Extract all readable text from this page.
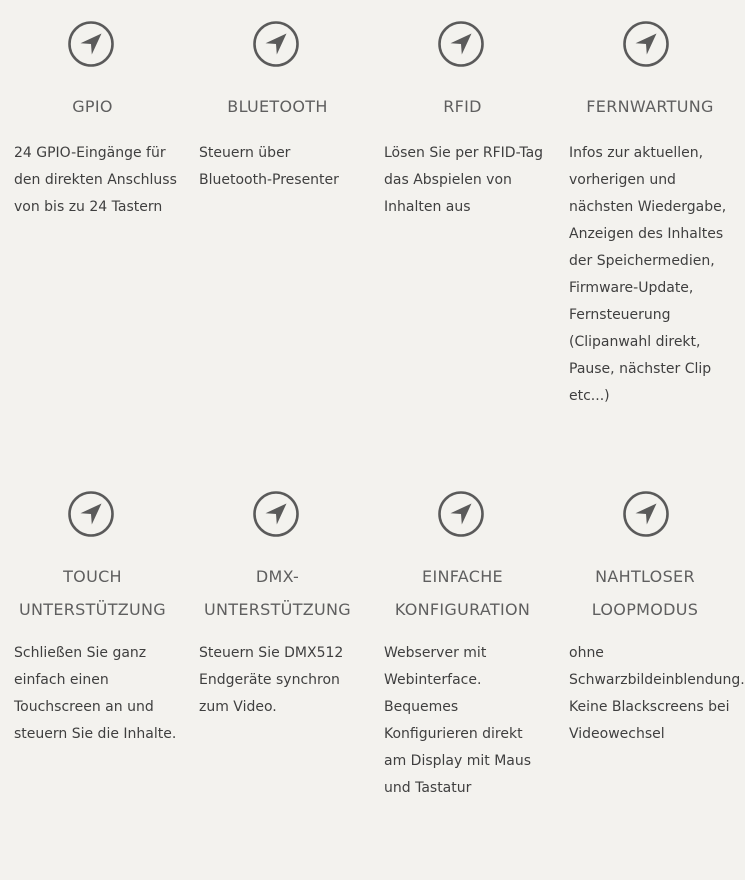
GPIO
24 GPIO-Eingänge für den direkten Anschluss von bis zu 24 Tastern
BLUETOOTH
Steuern über Bluetooth-Presenter
RFID
Lösen Sie per RFID-Tag das Abspielen von Inhalten aus
FERNWARTUNG
Infos zur aktuellen, vorherigen und nächsten Wiedergabe, Anzeigen des Inhaltes der Speichermedien, Firmware-Update, Fernsteuerung (Clipanwahl direkt, Pause, nächster Clip etc...)
TOUCH UNTERSTÜTZUNG
Schließen Sie ganz einfach einen Touchscreen an und steuern Sie die Inhalte.
DMX-UNTERSTÜTZUNG
Steuern Sie DMX512 Endgeräte synchron zum Video.
EINFACHE KONFIGURATION
Webserver mit Webinterface. Bequemes Konfigurieren direkt am Display mit Maus und Tastatur
NAHTLOSER LOOPMODUS
ohne Schwarzbildeinblendung. Keine Blackscreens bei Videowechsel
